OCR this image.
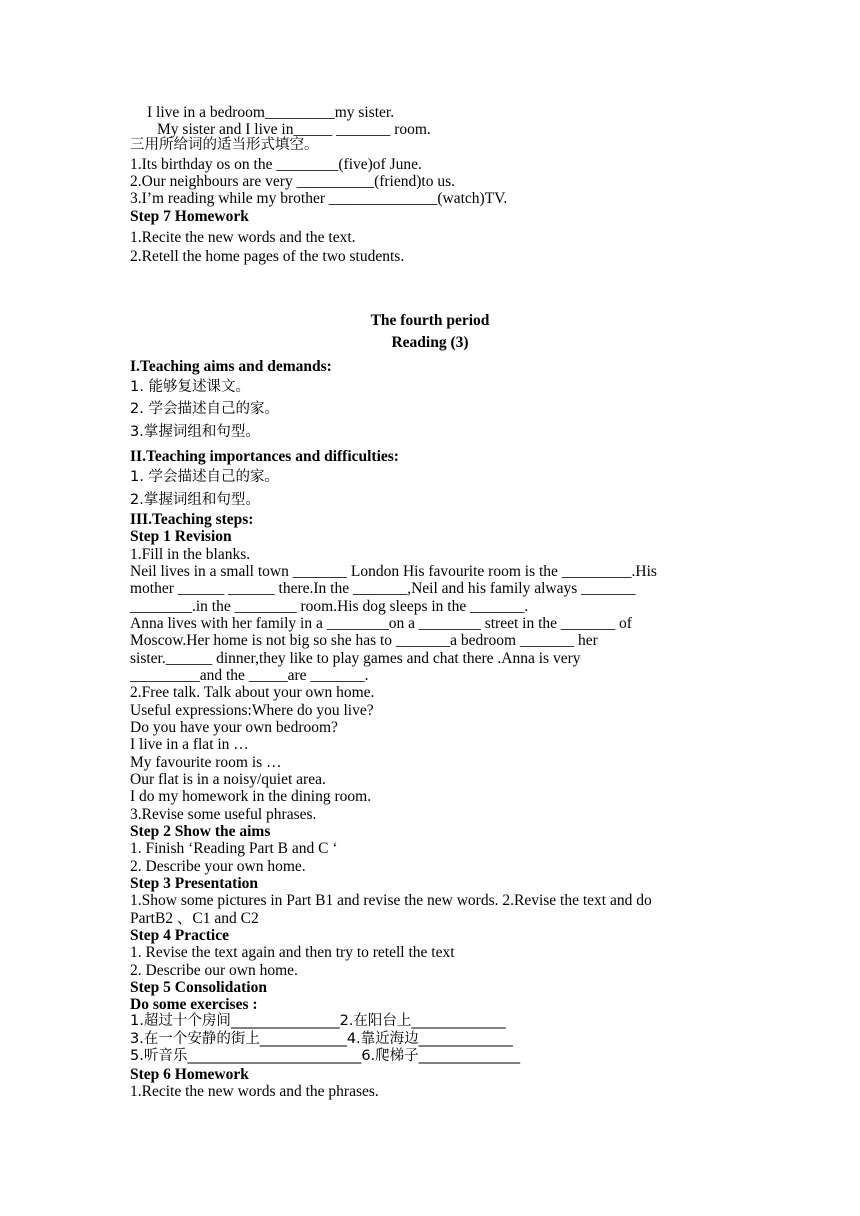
I live in a bedroom_________my sister.
My sister and I live in_____ _______ room.
三用所给词的适当形式填空。
1.Its birthday os on the ________(five)of June.
2.Our neighbours are very __________(friend)to us.
3.I’m reading while my brother ______________(watch)TV.
Step 7 Homework
1.Recite the new words and the text.
2.Retell the home pages of the two students.
The fourth period
Reading (3)
I.Teaching aims and demands:
1. 能够复述课文。
2. 学会描述自己的家。
3.掌握词组和句型。
II.Teaching importances and difficulties:
1. 学会描述自己的家。
2.掌握词组和句型。
III.Teaching steps:
Step 1 Revision
1.Fill in the blanks.
Neil lives in a small town _______ London His favourite room is the _________.His
mother ______ ______ there.In the _______,Neil and his family always _______
________.in the ________ room.His dog sleeps in the _______.
Anna lives with her family in a ________on a ________ street in the _______ of
Moscow.Her home is not big so she has to _______a bedroom _______ her
sister.______ dinner,they like to play games and chat there .Anna is very
_________and the _____are _______.
2.Free talk. Talk about your own home.
Useful expressions:Where do you live?
Do you have your own bedroom?
I live in a flat in …
My favourite room is …
Our flat is in a noisy/quiet area.
I do my homework in the dining room.
3.Revise some useful phrases.
Step 2 Show the aims
1. Finish ‘Reading Part B and C ‘
2. Describe your own home.
Step 3 Presentation
1.Show some pictures in Part B1 and revise the new words. 2.Revise the text and do
PartB2 、C1 and C2
Step 4 Practice
1. Revise the text again and then try to retell the text
2. Describe our own home.
Step 5 Consolidation
Do some exercises :
1.超过十个房间_______________2.在阳台上_____________
3.在一个安静的街上____________4.靠近海边_____________
5.听音乐________________________6.爬梯子______________
Step 6 Homework
1.Recite the new words and the phrases.
